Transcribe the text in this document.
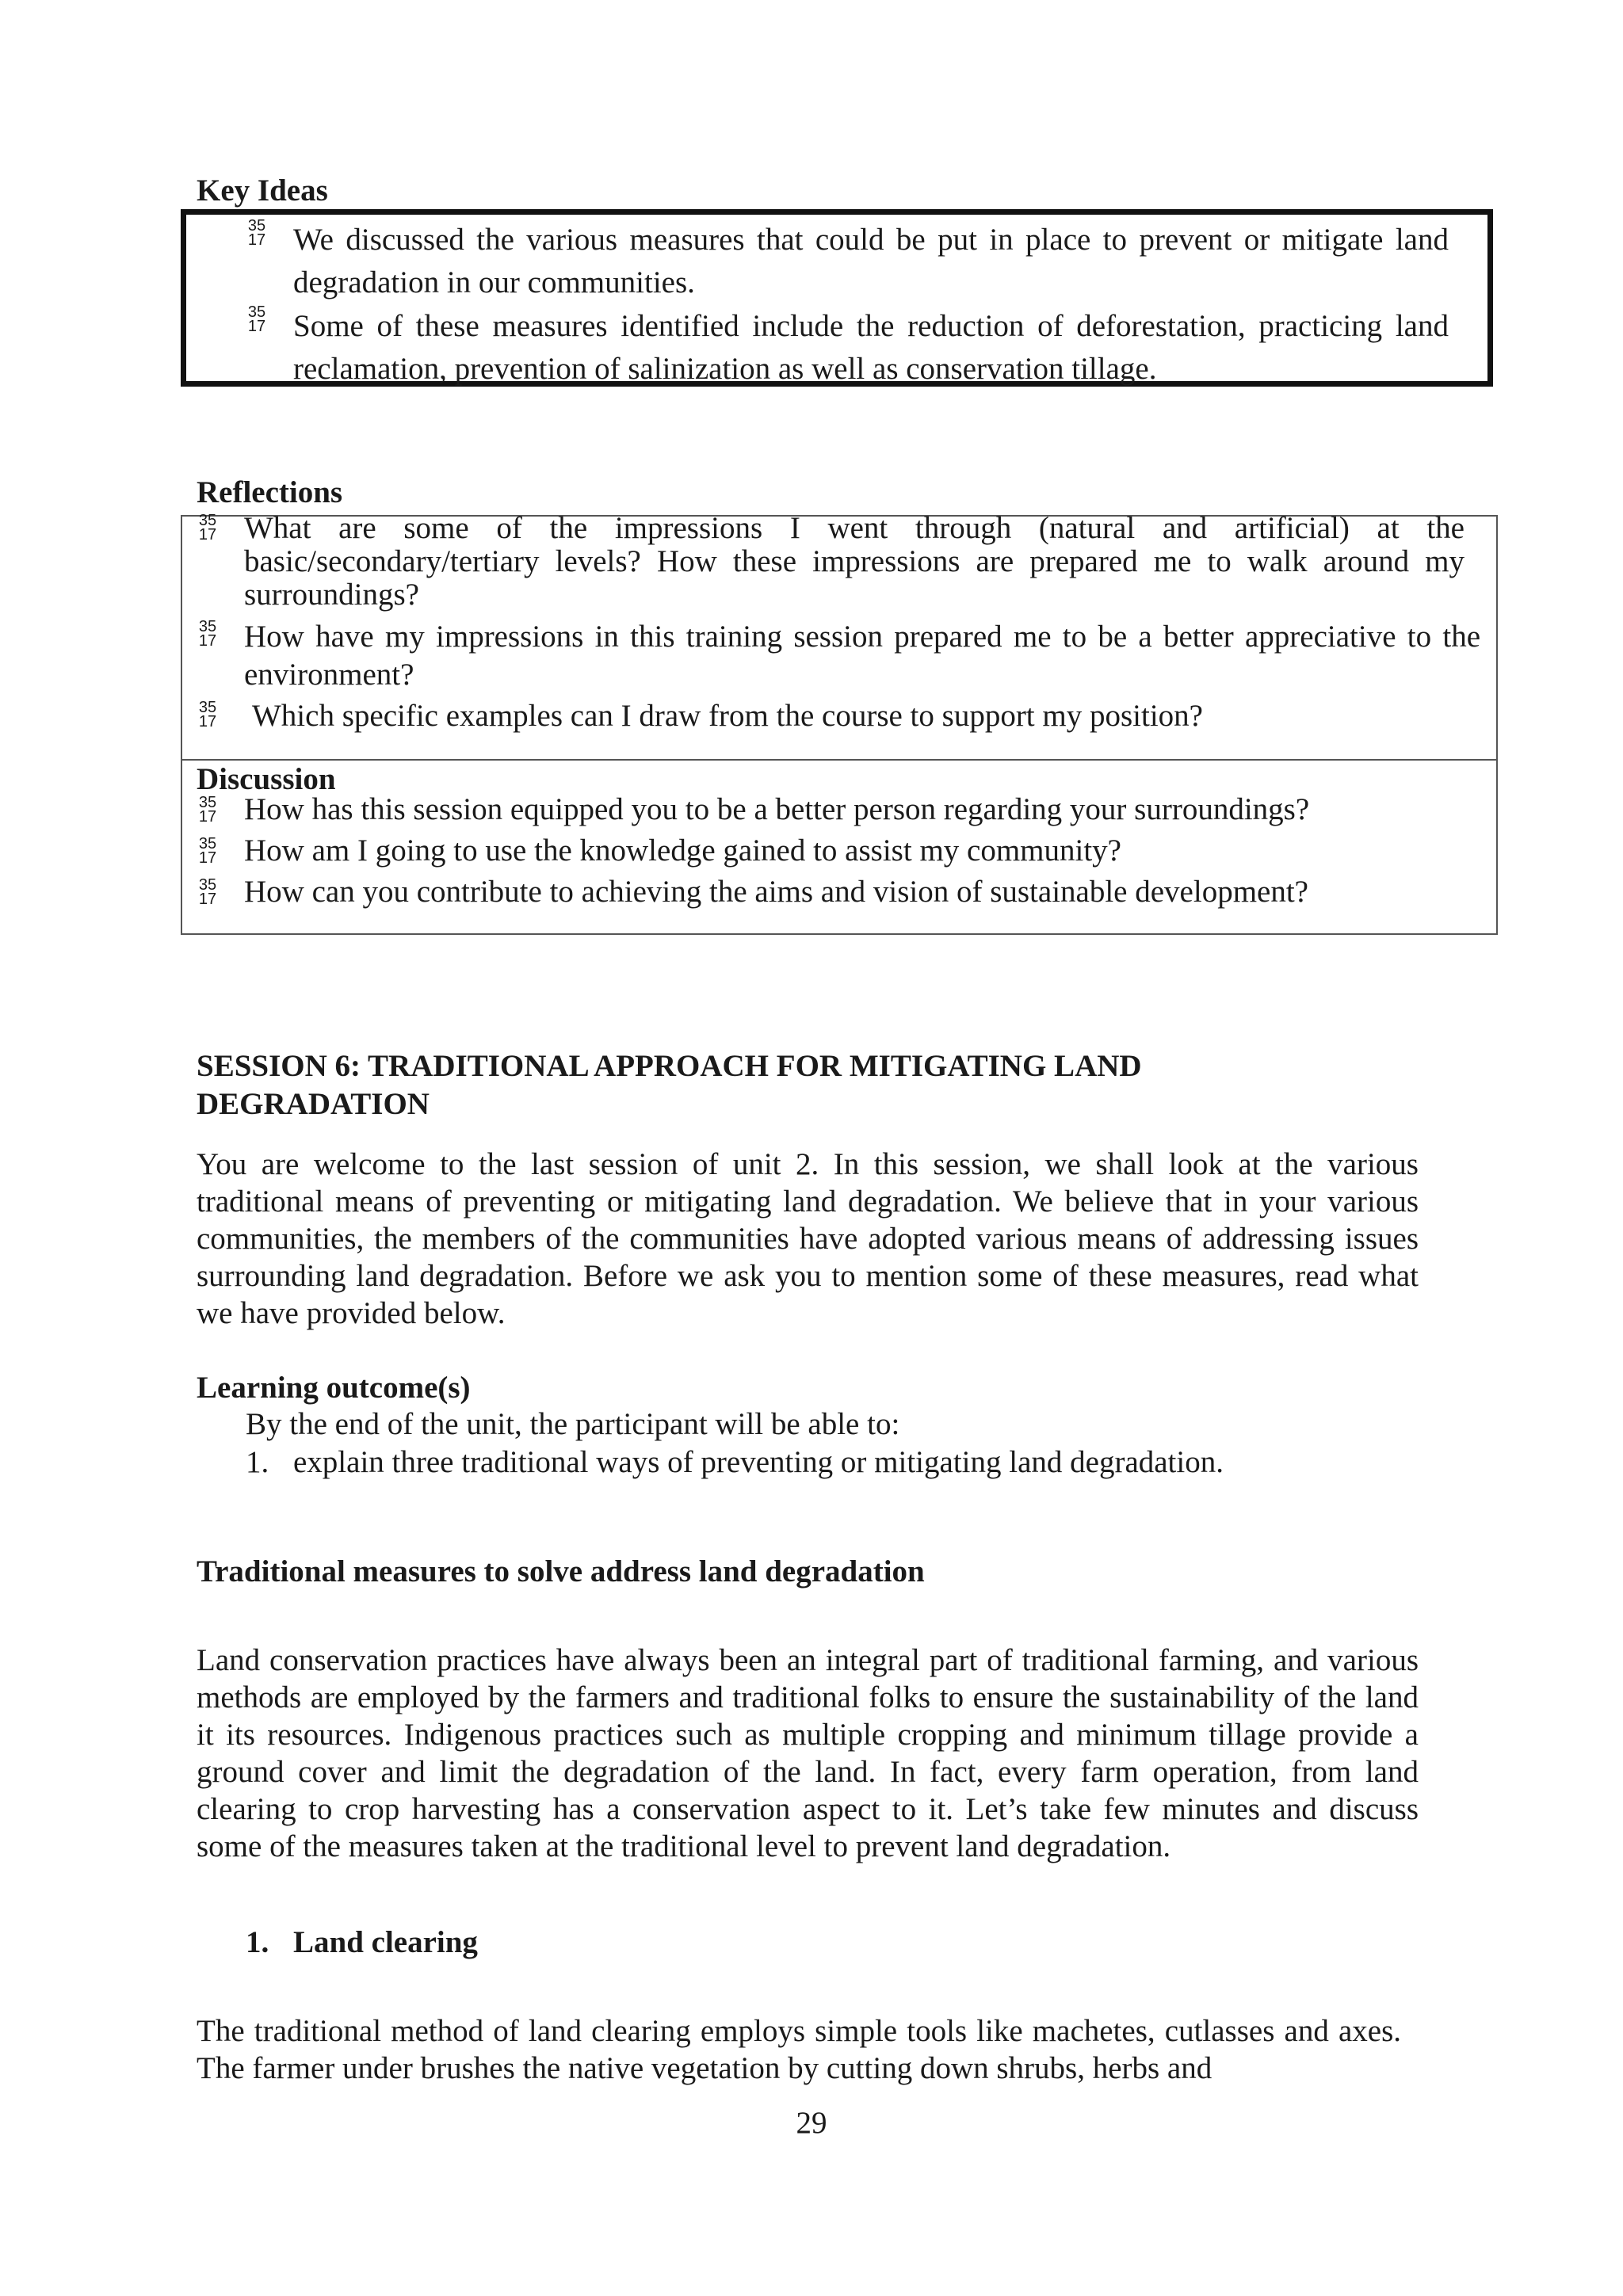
Key Ideas
35
17 We discussed the various measures that could be put in place to prevent or mitigate land degradation in our communities.
35
17 Some of these measures identified include the reduction of deforestation, practicing land reclamation, prevention of salinization as well as conservation tillage.
Reflections
35
17 What are some of the impressions I went through (natural and artificial) at the basic/secondary/tertiary levels? How these impressions are prepared me to walk around my surroundings?
35
17 How have my impressions in this training session prepared me to be a better appreciative to the environment?
35
17 Which specific examples can I draw from the course to support my position?
Discussion
35
17 How has this session equipped you to be a better person regarding your surroundings?
35
17 How am I going to use the knowledge gained to assist my community?
35
17 How can you contribute to achieving the aims and vision of sustainable development?
SESSION 6: TRADITIONAL APPROACH FOR MITIGATING LAND
DEGRADATION
You are welcome to the last session of unit 2. In this session, we shall look at the various traditional means of preventing or mitigating land degradation. We believe that in your various communities, the members of the communities have adopted various means of addressing issues surrounding land degradation. Before we ask you to mention some of these measures, read what we have provided below.
Learning outcome(s)
By the end of the unit, the participant will be able to:
1. explain three traditional ways of preventing or mitigating land degradation.
Traditional measures to solve address land degradation
Land conservation practices have always been an integral part of traditional farming, and various methods are employed by the farmers and traditional folks to ensure the sustainability of the land it its resources. Indigenous practices such as multiple cropping and minimum tillage provide a ground cover and limit the degradation of the land. In fact, every farm operation, from land clearing to crop harvesting has a conservation aspect to it. Let’s take few minutes and discuss some of the measures taken at the traditional level to prevent land degradation.
1. Land clearing
The traditional method of land clearing employs simple tools like machetes, cutlasses and axes. The farmer under brushes the native vegetation by cutting down shrubs, herbs and
29
